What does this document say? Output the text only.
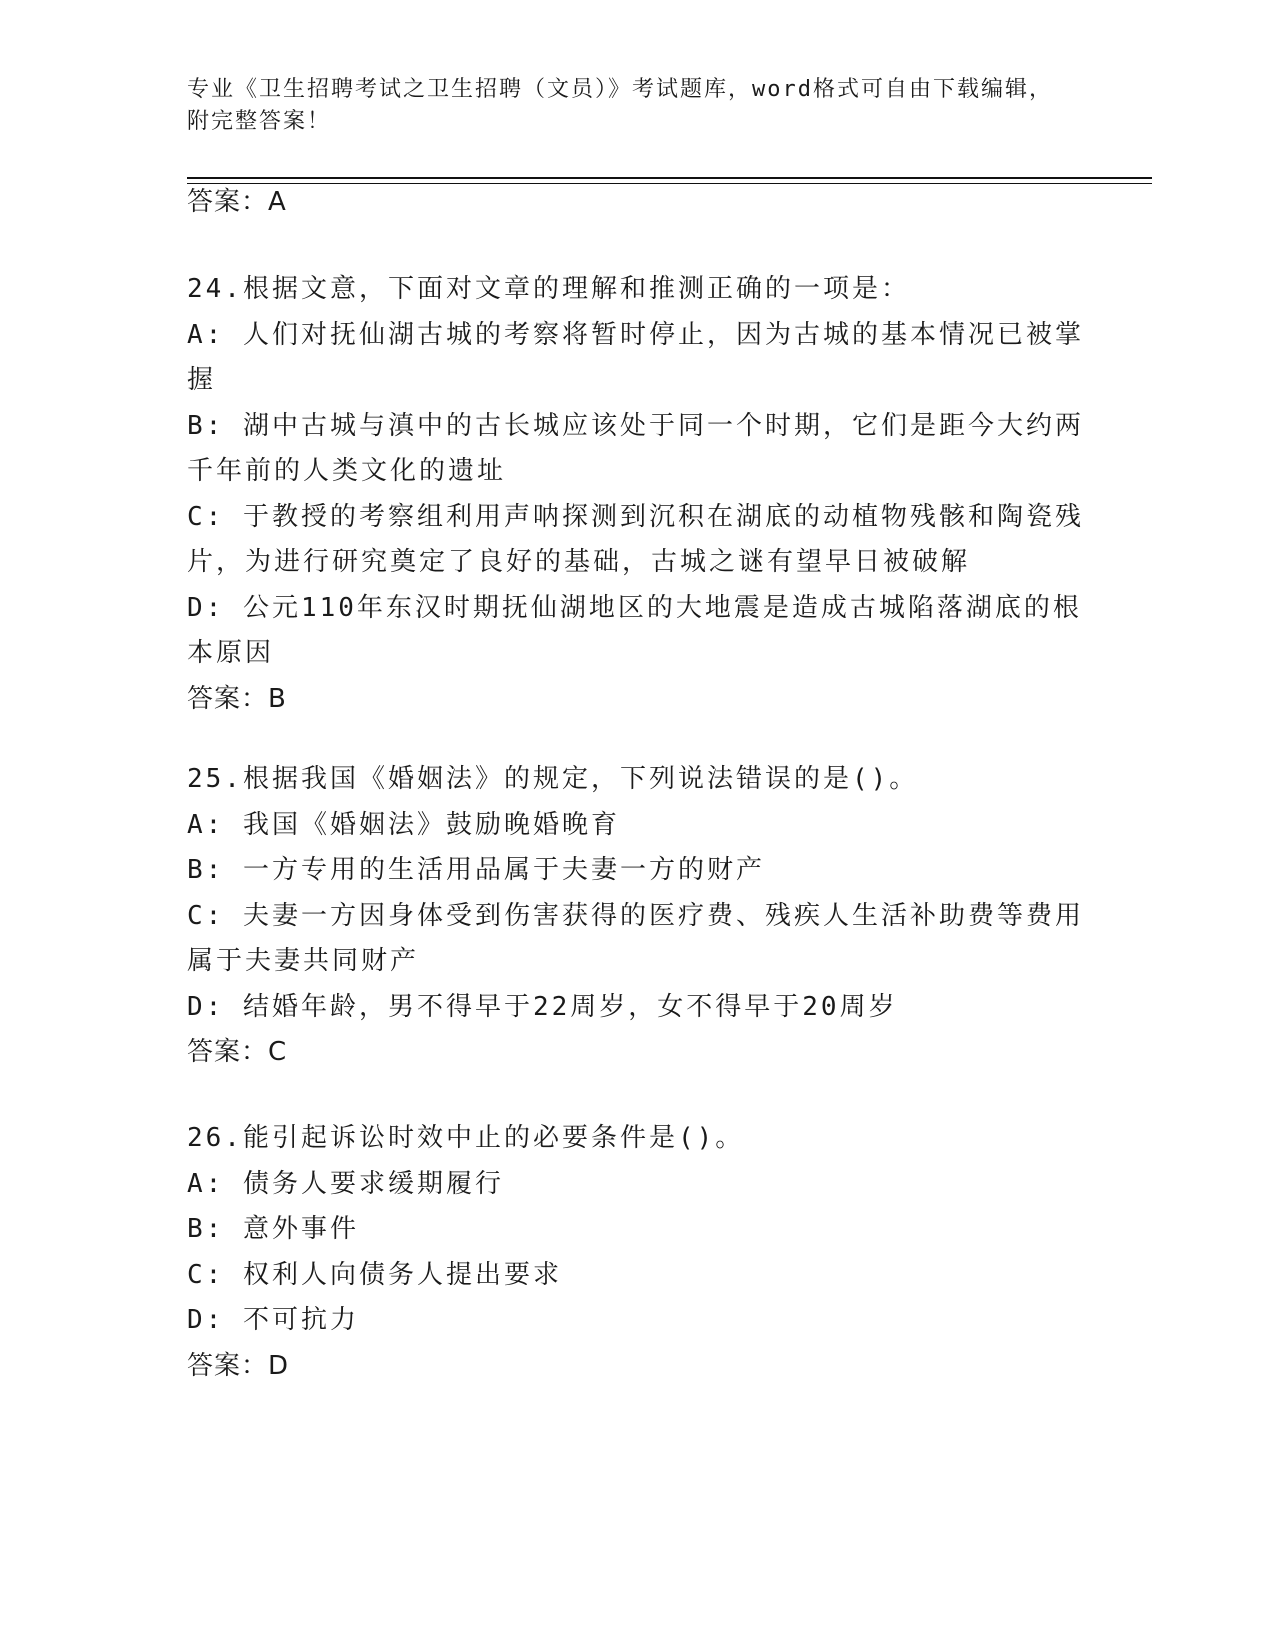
专业《卫生招聘考试之卫生招聘（文员）》考试题库，word格式可自由下载编辑，附完整答案！
答案：A
24.根据文意，下面对文章的理解和推测正确的一项是：
A: 人们对抚仙湖古城的考察将暂时停止，因为古城的基本情况已被掌
握
B: 湖中古城与滇中的古长城应该处于同一个时期，它们是距今大约两
千年前的人类文化的遗址
C: 于教授的考察组利用声呐探测到沉积在湖底的动植物残骸和陶瓷残
片，为进行研究奠定了良好的基础，古城之谜有望早日被破解
D: 公元110年东汉时期抚仙湖地区的大地震是造成古城陷落湖底的根
本原因
答案：B
25.根据我国《婚姻法》的规定，下列说法错误的是()。
A: 我国《婚姻法》鼓励晚婚晚育
B: 一方专用的生活用品属于夫妻一方的财产
C: 夫妻一方因身体受到伤害获得的医疗费、残疾人生活补助费等费用
属于夫妻共同财产
D: 结婚年龄，男不得早于22周岁，女不得早于20周岁
答案：C
26.能引起诉讼时效中止的必要条件是()。
A: 债务人要求缓期履行
B: 意外事件
C: 权利人向债务人提出要求
D: 不可抗力
答案：D
